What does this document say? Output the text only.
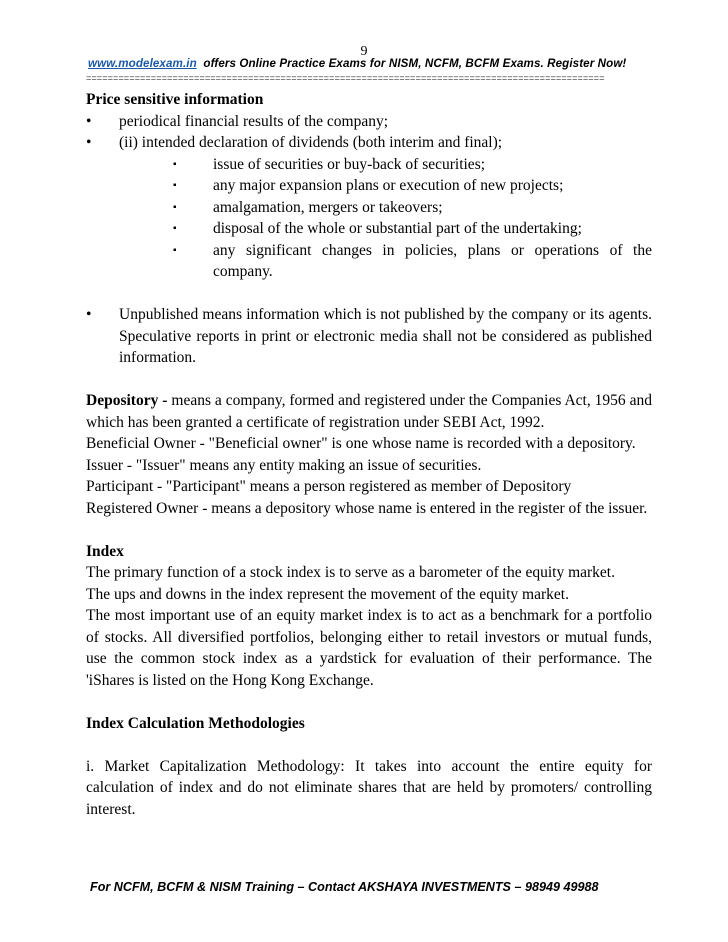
9
www.modelexam.in offers Online Practice Exams for NISM, NCFM, BCFM Exams. Register Now!
================================================================================================

Price sensitive information

• periodical financial results of the company;
• (ii) intended declaration of dividends (both interim and final);
▪ issue of securities or buy-back of securities;
▪ any major expansion plans or execution of new projects;
▪ amalgamation, mergers or takeovers;
▪ disposal of the whole or substantial part of the undertaking;
▪ any significant changes in policies, plans or operations of the company.
• Unpublished means information which is not published by the company or its agents. Speculative reports in print or electronic media shall not be considered as published information.

Depository - means a company, formed and registered under the Companies Act, 1956 and which has been granted a certificate of registration under SEBI Act, 1992.

Beneficial Owner - "Beneficial owner" is one whose name is recorded with a depository.

Issuer - "Issuer" means any entity making an issue of securities.

Participant - "Participant" means a person registered as member of Depository

Registered Owner - means a depository whose name is entered in the register of the issuer.

Index

The primary function of a stock index is to serve as a barometer of the equity market.

The ups and downs in the index represent the movement of the equity market.

The most important use of an equity market index is to act as a benchmark for a portfolio of stocks. All diversified portfolios, belonging either to retail investors or mutual funds, use the common stock index as a yardstick for evaluation of their performance. The 'iShares is listed on the Hong Kong Exchange.

Index Calculation Methodologies

i. Market Capitalization Methodology: It takes into account the entire equity for calculation of index and do not eliminate shares that are held by promoters/ controlling interest.

For NCFM, BCFM & NISM Training – Contact AKSHAYA INVESTMENTS – 98949 49988
